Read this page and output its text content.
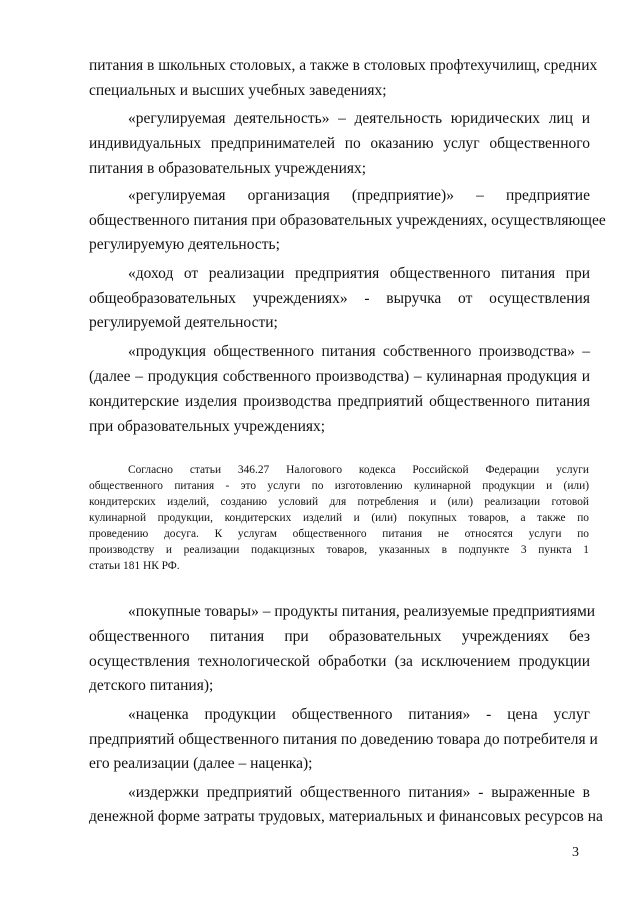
питания в школьных столовых, а также в столовых профтехучилищ, средних

специальных и высших учебных заведениях;

«регулируемая деятельность» – деятельность юридических лиц и

индивидуальных предпринимателей по оказанию услуг общественного

питания в образовательных учреждениях;

«регулируемая организация (предприятие)» – предприятие

общественного питания при образовательных учреждениях, осуществляющее

регулируемую деятельность;

«доход от реализации предприятия общественного питания при

общеобразовательных учреждениях» - выручка от осуществления

регулируемой деятельности;

«продукция общественного питания собственного производства» –

(далее – продукция собственного производства) – кулинарная продукция и

кондитерские изделия производства предприятий общественного питания

при образовательных учреждениях;

Согласно статьи 346.27 Налогового кодекса Российской Федерации услуги

общественного питания - это услуги по изготовлению кулинарной продукции и (или)

кондитерских изделий, созданию условий для потребления и (или) реализации готовой

кулинарной продукции, кондитерских изделий и (или) покупных товаров, а также по

проведению досуга. К услугам общественного питания не относятся услуги по

производству и реализации подакцизных товаров, указанных в подпункте 3 пункта 1

статьи 181 НК РФ.

«покупные товары» – продукты питания, реализуемые предприятиями

общественного питания при образовательных учреждениях без

осуществления технологической обработки (за исключением продукции

детского питания);

«наценка продукции общественного питания» - цена услуг

предприятий общественного питания по доведению товара до потребителя и

его реализации (далее – наценка);

«издержки предприятий общественного питания» - выраженные в

денежной форме затраты трудовых, материальных и финансовых ресурсов на

3
